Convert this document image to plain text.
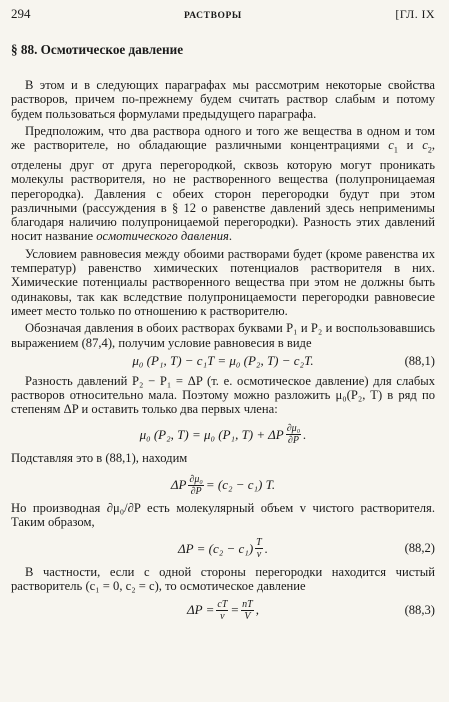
294	РАСТВОРЫ	[ГЛ. IX
§ 88. Осмотическое давление

В этом и в следующих параграфах мы рассмотрим некоторые свойства растворов, причем по-прежнему будем считать раствор слабым и потому будем пользоваться формулами предыдущего параграфа.

Предположим, что два раствора одного и того же вещества в одном и том же растворителе, но обладающие различными концентрациями $c_1$ и $c_2$, отделены друг от друга перегородкой, сквозь которую могут проникать молекулы растворителя, но не растворенного вещества (полупроницаемая перегородка). Давления с обеих сторон перегородки будут при этом различными (рассуждения в § 12 о равенстве давлений здесь неприменимы благодаря наличию полупроницаемой перегородки). Разность этих давлений носит название осмотического давления.

Условием равновесия между обоими растворами будет (кроме равенства их температур) равенство химических потенциалов растворителя в них. Химические потенциалы растворенного вещества при этом не должны быть одинаковы, так как вследствие полупроницаемости перегородки равновесие имеет место только по отношению к растворителю.

Обозначая давления в обоих растворах буквами P₁ и P₂ и воспользовавшись выражением (87,4), получим условие равновесия в виде

μ₀ (P₁, T) − c₁T = μ₀ (P₂, T) − c₂T.	(88,1)

Разность давлений P₂ − P₁ = ΔP (т. е. осмотическое давление) для слабых растворов относительно мала. Поэтому можно разложить μ₀(P₂, T) в ряд по степеням ΔP и оставить только два первых члена:

μ₀ (P₂, T) = μ₀ (P₁, T) + ΔP $\frac{\text{∂μ₀}}{\partial P}$ .

Подставляя это в (88,1), находим

ΔP $\frac{\text{∂μ₀}}{\partial P} = (c_2 - c_1)$ T.

Но производная ∂μ₀/∂P есть молекулярный объем v чистого растворителя. Таким образом,

$\Delta P = (c_2 - c_1) \frac{T}{v}$ .	(88,2)

В частности, если с одной стороны перегородки находится чистый растворитель (c₁ = 0, c₂ = c), то осмотическое давление

$\Delta P = \frac{cT}{v} = \frac{nT}{V}$ ,	(88,3)
